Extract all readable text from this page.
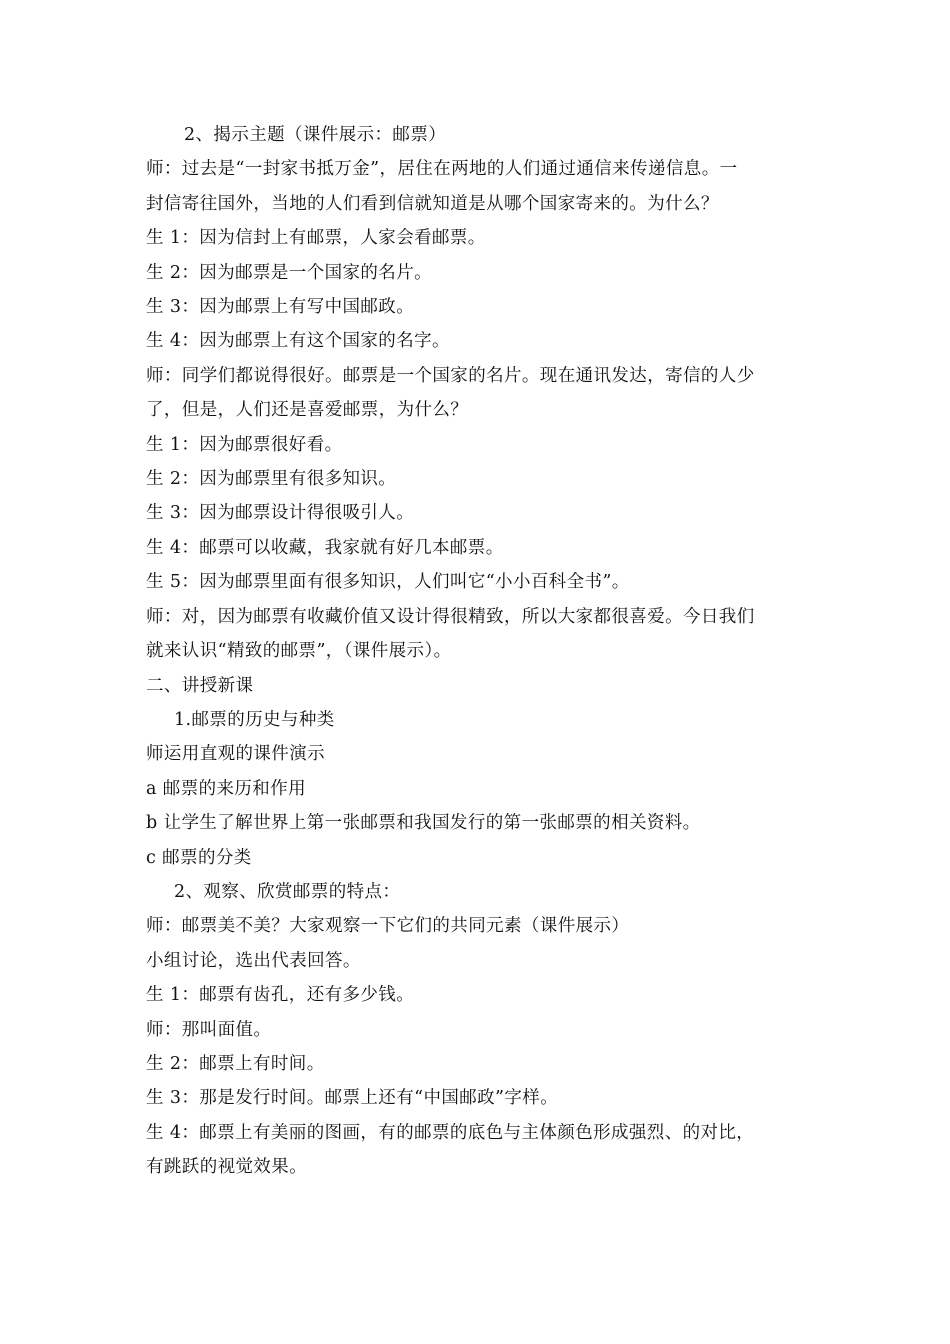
2、揭示主题（课件展示：邮票）
师：过去是“一封家书抵万金”，居住在两地的人们通过通信来传递信息。一
封信寄往国外，当地的人们看到信就知道是从哪个国家寄来的。为什么？
生 1：因为信封上有邮票，人家会看邮票。
生 2：因为邮票是一个国家的名片。
生 3：因为邮票上有写中国邮政。
生 4：因为邮票上有这个国家的名字。
师：同学们都说得很好。邮票是一个国家的名片。现在通讯发达，寄信的人少
了，但是，人们还是喜爱邮票，为什么？
生 1：因为邮票很好看。
生 2：因为邮票里有很多知识。
生 3：因为邮票设计得很吸引人。
生 4：邮票可以收藏，我家就有好几本邮票。
生 5：因为邮票里面有很多知识，人们叫它“小小百科全书”。
师：对，因为邮票有收藏价值又设计得很精致，所以大家都很喜爱。今日我们
就来认识“精致的邮票”，（课件展示）。
二、讲授新课
1.邮票的历史与种类
师运用直观的课件演示
a 邮票的来历和作用
b 让学生了解世界上第一张邮票和我国发行的第一张邮票的相关资料。
c 邮票的分类
2、观察、欣赏邮票的特点：
师：邮票美不美？大家观察一下它们的共同元素（课件展示）
小组讨论，选出代表回答。
生 1：邮票有齿孔，还有多少钱。
师：那叫面值。
生 2：邮票上有时间。
生 3：那是发行时间。邮票上还有“中国邮政”字样。
生 4：邮票上有美丽的图画，有的邮票的底色与主体颜色形成强烈、的对比，
有跳跃的视觉效果。
